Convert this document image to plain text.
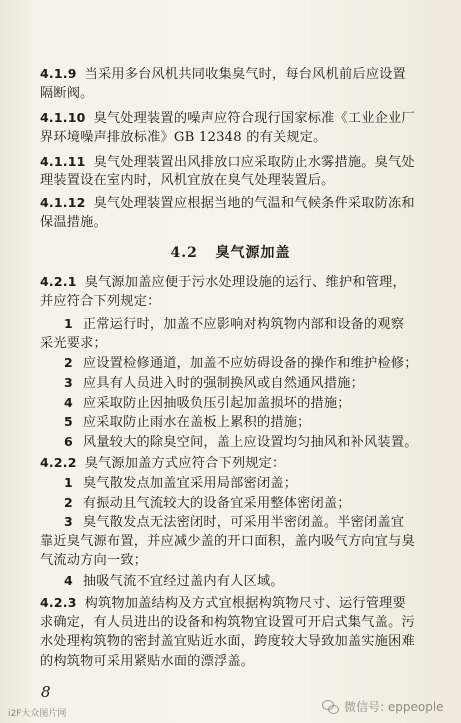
4.1.9 当采用多台风机共同收集臭气时，每台风机前后应设置
隔断阀。
4.1.10 臭气处理装置的噪声应符合现行国家标准《工业企业厂
界环境噪声排放标准》GB 12348 的有关规定。
4.1.11 臭气处理装置出风排放口应采取防止水雾措施。臭气处
理装置设在室内时，风机宜放在臭气处理装置后。
4.1.12 臭气处理装置应根据当地的气温和气候条件采取防冻和
保温措施。
4.2 臭气源加盖
4.2.1 臭气源加盖应便于污水处理设施的运行、维护和管理，
并应符合下列规定：
1 正常运行时，加盖不应影响对构筑物内部和设备的观察
采光要求；
2 应设置检修通道，加盖不应妨碍设备的操作和维护检修；
3 应具有人员进入时的强制换风或自然通风措施；
4 应采取防止因抽吸负压引起加盖损坏的措施；
5 应采取防止雨水在盖板上累积的措施；
6 风量较大的除臭空间，盖上应设置均匀抽风和补风装置。
4.2.2 臭气源加盖方式应符合下列规定：
1 臭气散发点加盖宜采用局部密闭盖；
2 有振动且气流较大的设备宜采用整体密闭盖；
3 臭气散发点无法密闭时，可采用半密闭盖。半密闭盖宜
靠近臭气源布置，并应减少盖的开口面积，盖内吸气方向宜与臭
气流动方向一致；
4 抽吸气流不宜经过盖内有人区域。
4.2.3 构筑物加盖结构及方式宜根据构筑物尺寸、运行管理要
求确定，有人员进出的设备和构筑物宜设置可开启式集气盖。污
水处理构筑物的密封盖宜贴近水面，跨度较大导致加盖实施困难
的构筑物可采用紧贴水面的漂浮盖。
8
i2F大众图片网	微信号: eppeople
